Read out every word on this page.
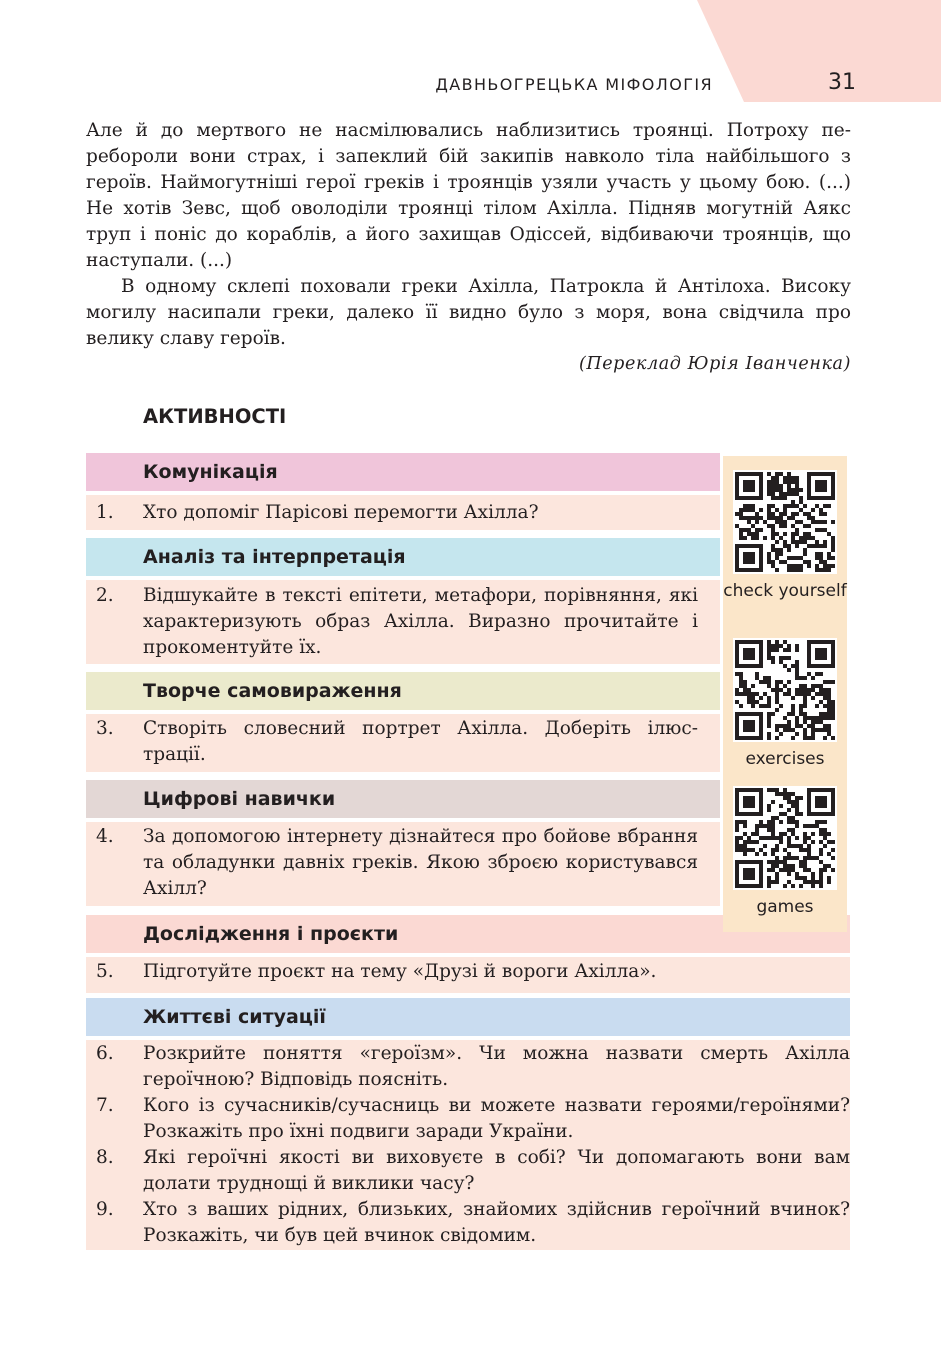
ДАВНЬОГРЕЦЬКА МІФОЛОГІЯ	31

Але й до мертвого не насмілювались наблизитись троянці. Потроху перебороли вони страх, і запеклий бій закипів навколо тіла найбільшого з героїв. Наймогутніші герої греків і троянців узяли участь у цьому бою. (...) Не хотів Зевс, щоб оволоділи троянці тілом Ахілла. Підняв могутній Аякс труп і поніс до кораблів, а його захищав Одіссей, відбиваючи троянців, що наступали. (...)

В одному склепі поховали греки Ахілла, Патрокла й Антілоха. Високу могилу насипали греки, далеко її видно було з моря, вона свідчила про велику славу героїв.

(Переклад Юрія Іванченка)
АКТИВНОСТІ
Комунікація
1.	Хто допоміг Парісові перемогти Ахілла?
Аналіз та інтерпретація
2.	Відшукайте в тексті епітети, метафори, порівняння, які характеризують образ Ахілла. Виразно прочитайте і прокоментуйте їх.
Творче самовираження
3.	Створіть словесний портрет Ахілла. Доберіть ілюстрації.
Цифрові навички
4.	За допомогою інтернету дізнайтеся про бойове вбрання та обладунки давніх греків. Якою зброєю користувався Ахілл?
Дослідження і проєкти
5.	Підготуйте проєкт на тему «Друзі й вороги Ахілла».
Життєві ситуації
6.	Розкрийте поняття «героїзм». Чи можна назвати смерть Ахілла героїчною? Відповідь поясніть.
7.	Кого із сучасників/сучасниць ви можете назвати героями/героїнями? Розкажіть про їхні подвиги заради України.
8.	Які героїчні якості ви виховуєте в собі? Чи допомагають вони вам долати труднощі й виклики часу?
9.	Хто з ваших рідних, близьких, знайомих здійснив героїчний вчинок? Розкажіть, чи був цей вчинок свідомим.
check yourself
exercises
games
